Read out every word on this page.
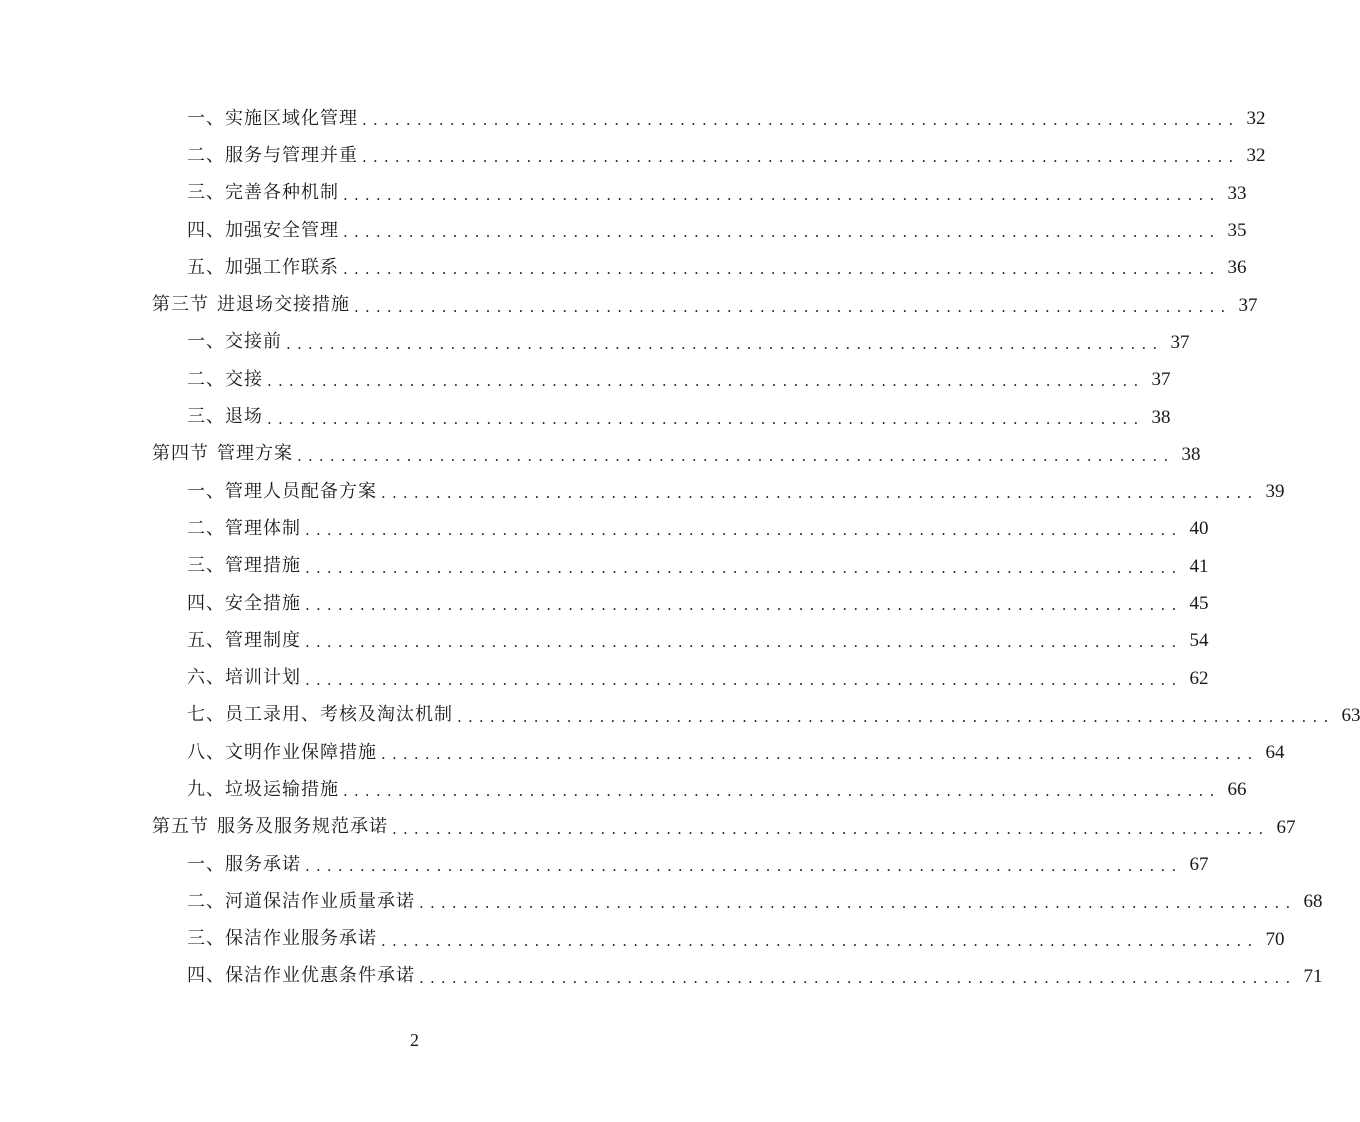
一、实施区域化管理 ................................................................................ 32
二、服务与管理并重 ................................................................................ 32
三、完善各种机制 ................................................................................ 33
四、加强安全管理 ................................................................................ 35
五、加强工作联系 ................................................................................ 36
第三节 进退场交接措施 ................................................................................ 37
一、交接前 ................................................................................ 37
二、交接 ................................................................................ 37
三、退场 ................................................................................ 38
第四节 管理方案 ................................................................................ 38
一、管理人员配备方案 ................................................................................ 39
二、管理体制 ................................................................................ 40
三、管理措施 ................................................................................ 41
四、安全措施 ................................................................................ 45
五、管理制度 ................................................................................ 54
六、培训计划 ................................................................................ 62
七、员工录用、考核及淘汰机制 ................................................................................ 63
八、文明作业保障措施 ................................................................................ 64
九、垃圾运输措施 ................................................................................ 66
第五节 服务及服务规范承诺 ................................................................................ 67
一、服务承诺 ................................................................................ 67
二、河道保洁作业质量承诺 ................................................................................ 68
三、保洁作业服务承诺 ................................................................................ 70
四、保洁作业优惠条件承诺 ................................................................................ 71
2
